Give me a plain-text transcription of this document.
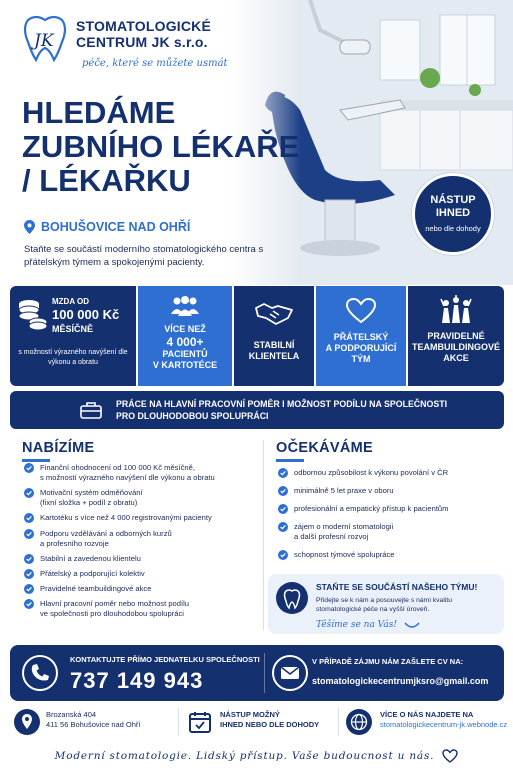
JK
STOMATOLOGICKÉ
CENTRUM JK s.r.o.
péče, které se můžete usmát
HLEDÁME
ZUBNÍHO LÉKAŘE
/ LÉKAŘKU
BOHUŠOVICE NAD OHŘÍ
Staňte se součástí moderního stomatologického centra s přátelským týmem a spokojenými pacienty.
NÁSTUP
IHNED
nebo dle dohody
MZDA OD
100 000 Kč
MĚSÍČNĚ
s možností výrazného navýšení dle výkonu a obratu
VÍCE NEŽ
4 000+
PACIENTŮ
V KARTOTÉCE
STABILNÍ
KLIENTELA
PŘÁTELSKÝ
A PODPORUJÍCÍ
TÝM
PRAVIDELNÉ
TEAMBUILDINGOVÉ
AKCE
PRÁCE NA HLAVNÍ PRACOVNÍ POMĚR I MOŽNOST PODÍLU NA SPOLEČNOSTI
PRO DLOUHODOBOU SPOLUPRÁCI
NABÍZÍME
Finanční ohodnocení od 100 000 Kč měsíčně,
s možností výrazného navýšení dle výkonu a obratu
Motivační systém odměňování
(fixní složka + podíl z obratu)
Kartotéku s více než 4 000 registrovanými pacienty
Podporu vzdělávání a odborných kurzů
a profesního rozvoje
Stabilní a zavedenou klientelu
Přátelský a podporující kolektiv
Pravidelné teambuildingové akce
Hlavní pracovní poměr nebo možnost podílu
ve společnosti pro dlouhodobou spolupráci
OČEKÁVÁME
odbornou způsobilost k výkonu povolání v ČR
minimálně 5 let praxe v oboru
profesionální a empatický přístup k pacientům
zájem o moderní stomatologii
a další profesní rozvoj
schopnost týmové spolupráce
STAŇTE SE SOUČÁSTÍ NAŠEHO TÝMU!
Přidejte se k nám a posouvejte s námi kvalitu stomatologické péče na vyšší úroveň.
Těšíme se na Vás!
KONTAKTUJTE PŘÍMO JEDNATELKU SPOLEČNOSTI
737 149 943
V PŘÍPADĚ ZÁJMU NÁM ZAŠLETE CV NA:
stomatologickecentrumjksro@gmail.com
Brozanská 404
411 56 Bohušovice nad Ohří
NÁSTUP MOŽNÝ
IHNED NEBO DLE DOHODY
VÍCE O NÁS NAJDETE NA
stomatologickecentrum-jk.webnode.cz
Moderní stomatologie. Lidský přístup. Vaše budoucnost u nás.
